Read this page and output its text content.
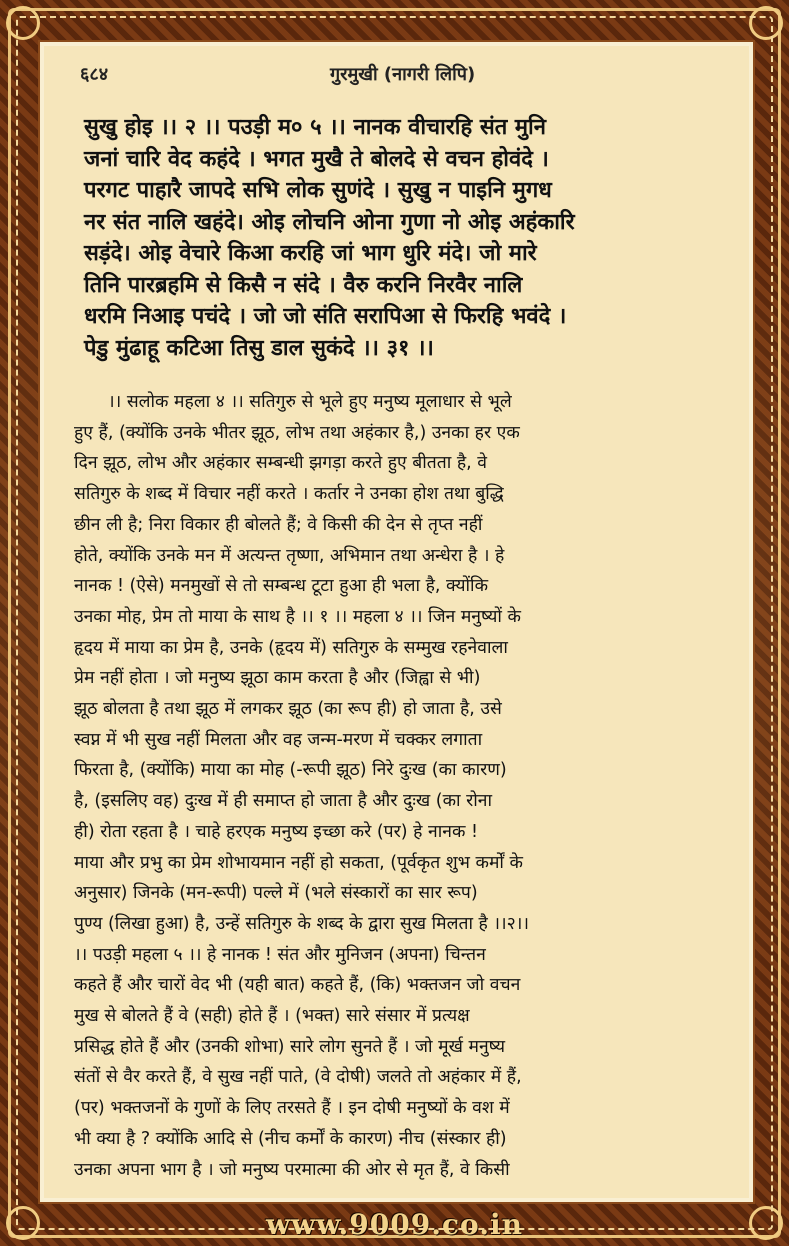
६८४	गुरमुखी (नागरी लिपि)
सुखु होइ ।। २ ।। पउड़ी म० ५ ।। नानक वीचारहि संत मुनि
जनां चारि वेद कहंदे । भगत मुखै ते बोलदे से वचन होवंदे ।
परगट पाहारै जापदे सभि लोक सुणंदे । सुखु न पाइनि मुगध
नर संत नालि खहंदे। ओइ लोचनि ओना गुणा नो ओइ अहंकारि
सड़ंदे। ओइ वेचारे किआ करहि जां भाग धुरि मंदे। जो मारे
तिनि पारब्रहमि से किसै न संदे । वैरु करनि निरवैर नालि
धरमि निआइ पचंदे । जो जो संति सरापिआ से फिरहि भवंदे ।
पेडु मुंढाहू कटिआ तिसु डाल सुकंदे ।। ३१ ।।
।। सलोक महला ४ ।। सतिगुरु से भूले हुए मनुष्य मूलाधार से भूले
हुए हैं, (क्योंकि उनके भीतर झूठ, लोभ तथा अहंकार है,) उनका हर एक
दिन झूठ, लोभ और अहंकार सम्बन्धी झगड़ा करते हुए बीतता है, वे
सतिगुरु के शब्द में विचार नहीं करते । कर्तार ने उनका होश तथा बुद्धि
छीन ली है; निरा विकार ही बोलते हैं; वे किसी की देन से तृप्त नहीं
होते, क्योंकि उनके मन में अत्यन्त तृष्णा, अभिमान तथा अन्धेरा है । हे
नानक ! (ऐसे) मनमुखों से तो सम्बन्ध टूटा हुआ ही भला है, क्योंकि
उनका मोह, प्रेम तो माया के साथ है ।। १ ।। महला ४ ।। जिन मनुष्यों के
हृदय में माया का प्रेम है, उनके (हृदय में) सतिगुरु के सम्मुख रहनेवाला
प्रेम नहीं होता । जो मनुष्य झूठा काम करता है और (जिह्वा से भी)
झूठ बोलता है तथा झूठ में लगकर झूठ (का रूप ही) हो जाता है, उसे
स्वप्न में भी सुख नहीं मिलता और वह जन्म-मरण में चक्कर लगाता
फिरता है, (क्योंकि) माया का मोह (-रूपी झूठ) निरे दुःख (का कारण)
है, (इसलिए वह) दुःख में ही समाप्त हो जाता है और दुःख (का रोना
ही) रोता रहता है । चाहे हरएक मनुष्य इच्छा करे (पर) हे नानक !
माया और प्रभु का प्रेम शोभायमान नहीं हो सकता, (पूर्वकृत शुभ कर्मों के
अनुसार) जिनके (मन-रूपी) पल्ले में (भले संस्कारों का सार रूप)
पुण्य (लिखा हुआ) है, उन्हें सतिगुरु के शब्द के द्वारा सुख मिलता है ।।२।।
।। पउड़ी महला ५ ।। हे नानक ! संत और मुनिजन (अपना) चिन्तन
कहते हैं और चारों वेद भी (यही बात) कहते हैं, (कि) भक्तजन जो वचन
मुख से बोलते हैं वे (सही) होते हैं । (भक्त) सारे संसार में प्रत्यक्ष
प्रसिद्ध होते हैं और (उनकी शोभा) सारे लोग सुनते हैं । जो मूर्ख मनुष्य
संतों से वैर करते हैं, वे सुख नहीं पाते, (वे दोषी) जलते तो अहंकार में हैं,
(पर) भक्तजनों के गुणों के लिए तरसते हैं । इन दोषी मनुष्यों के वश में
भी क्या है ? क्योंकि आदि से (नीच कर्मों के कारण) नीच (संस्कार ही)
उनका अपना भाग है । जो मनुष्य परमात्मा की ओर से मृत हैं, वे किसी
www.9009.co.in
